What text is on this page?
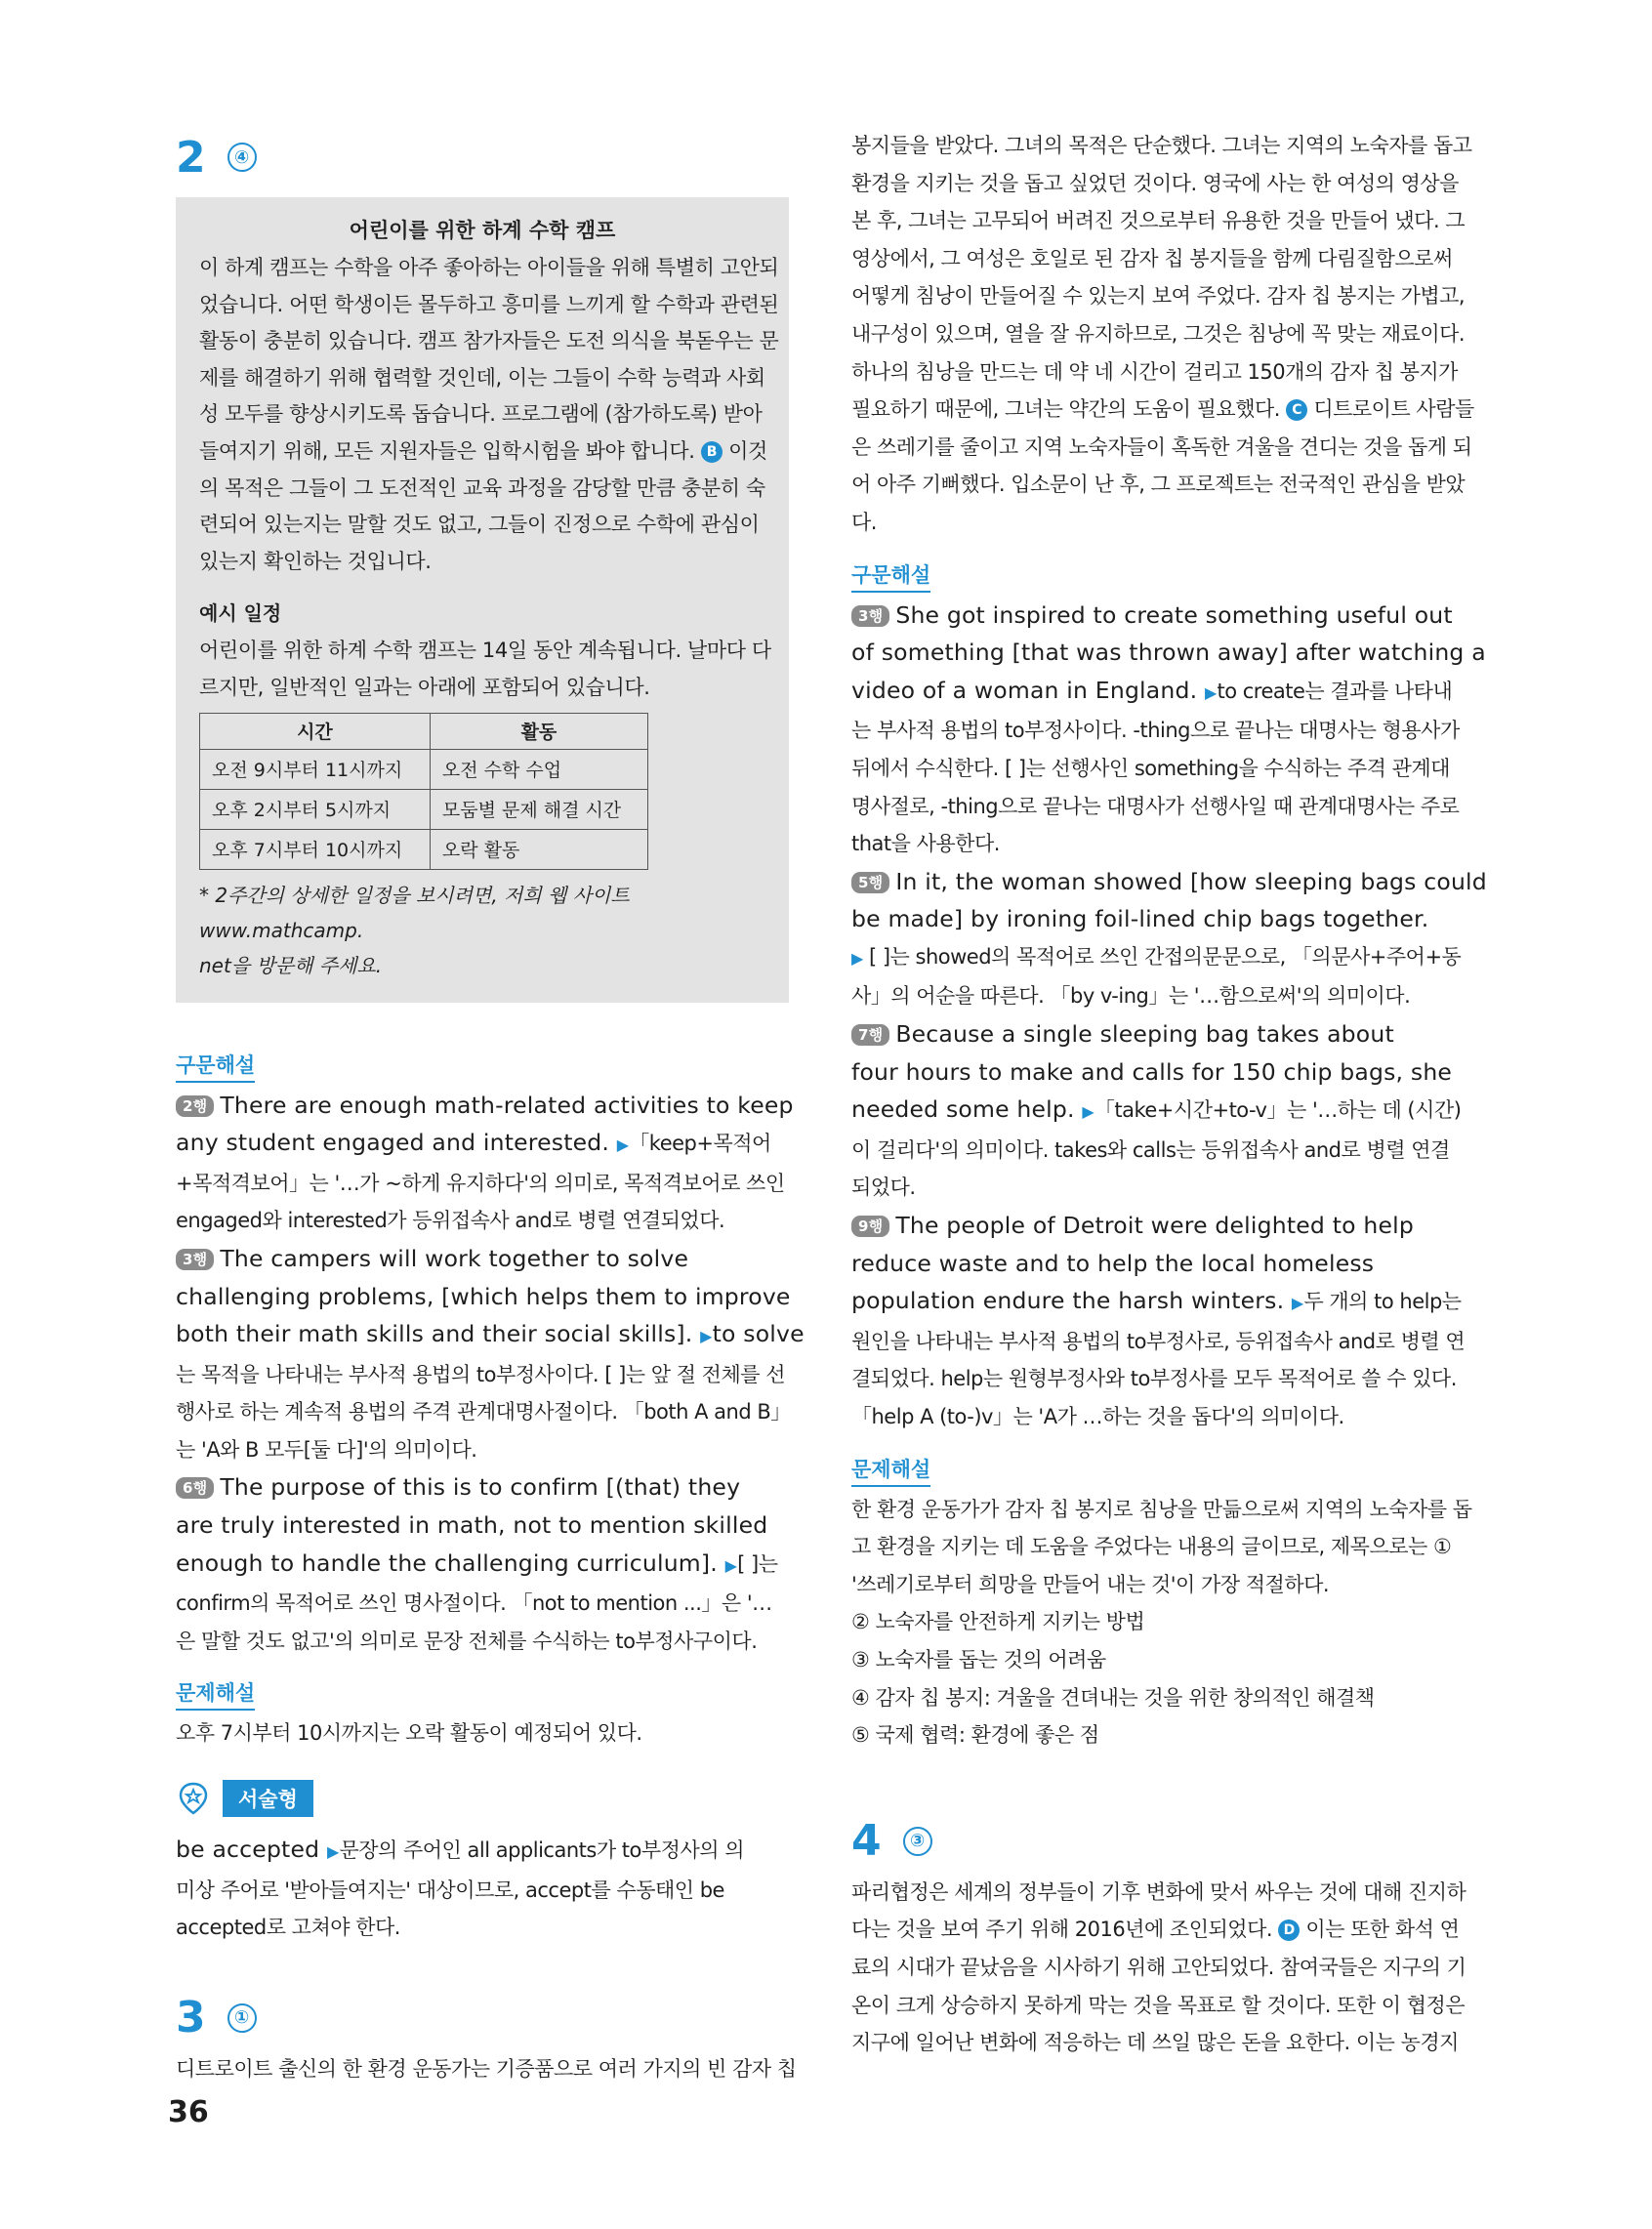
2	④
어린이를 위한 하계 수학 캠프
이 하계 캠프는 수학을 아주 좋아하는 아이들을 위해 특별히 고안되
었습니다. 어떤 학생이든 몰두하고 흥미를 느끼게 할 수학과 관련된
활동이 충분히 있습니다. 캠프 참가자들은 도전 의식을 북돋우는 문
제를 해결하기 위해 협력할 것인데, 이는 그들이 수학 능력과 사회
성 모두를 향상시키도록 돕습니다. 프로그램에 (참가하도록) 받아
들여지기 위해, 모든 지원자들은 입학시험을 봐야 합니다. B 이것
의 목적은 그들이 그 도전적인 교육 과정을 감당할 만큼 충분히 숙
련되어 있는지는 말할 것도 없고, 그들이 진정으로 수학에 관심이
있는지 확인하는 것입니다.
예시 일정
어린이를 위한 하계 수학 캠프는 14일 동안 계속됩니다. 날마다 다
르지만, 일반적인 일과는 아래에 포함되어 있습니다.
시간	활동
오전 9시부터 11시까지	오전 수학 수업
오후 2시부터 5시까지	모둠별 문제 해결 시간
오후 7시부터 10시까지	오락 활동
* 2주간의 상세한 일정을 보시려면, 저희 웹 사이트 www.mathcamp.
net을 방문해 주세요.
구문해설
2행 There are enough math-related activities to keep
any student engaged and interested. ▶「keep+목적어
+목적격보어」는 '…가 ~하게 유지하다'의 의미로, 목적격보어로 쓰인
engaged와 interested가 등위접속사 and로 병렬 연결되었다.
3행 The campers will work together to solve
challenging problems, [which helps them to improve
both their math skills and their social skills]. ▶to solve
는 목적을 나타내는 부사적 용법의 to부정사이다. [ ]는 앞 절 전체를 선
행사로 하는 계속적 용법의 주격 관계대명사절이다. 「both A and B」
는 'A와 B 모두[둘 다]'의 의미이다.
6행 The purpose of this is to confirm [(that) they
are truly interested in math, not to mention skilled
enough to handle the challenging curriculum]. ▶[ ]는
confirm의 목적어로 쓰인 명사절이다. 「not to mention ...」은 '…
은 말할 것도 없고'의 의미로 문장 전체를 수식하는 to부정사구이다.
문제해설
오후 7시부터 10시까지는 오락 활동이 예정되어 있다.
서술형
be accepted ▶문장의 주어인 all applicants가 to부정사의 의
미상 주어로 '받아들여지는' 대상이므로, accept를 수동태인 be
accepted로 고쳐야 한다.
3	①
디트로이트 출신의 한 환경 운동가는 기증품으로 여러 가지의 빈 감자 칩
봉지들을 받았다. 그녀의 목적은 단순했다. 그녀는 지역의 노숙자를 돕고
환경을 지키는 것을 돕고 싶었던 것이다. 영국에 사는 한 여성의 영상을
본 후, 그녀는 고무되어 버려진 것으로부터 유용한 것을 만들어 냈다. 그
영상에서, 그 여성은 호일로 된 감자 칩 봉지들을 함께 다림질함으로써
어떻게 침낭이 만들어질 수 있는지 보여 주었다. 감자 칩 봉지는 가볍고,
내구성이 있으며, 열을 잘 유지하므로, 그것은 침낭에 꼭 맞는 재료이다.
하나의 침낭을 만드는 데 약 네 시간이 걸리고 150개의 감자 칩 봉지가
필요하기 때문에, 그녀는 약간의 도움이 필요했다. C 디트로이트 사람들
은 쓰레기를 줄이고 지역 노숙자들이 혹독한 겨울을 견디는 것을 돕게 되
어 아주 기뻐했다. 입소문이 난 후, 그 프로젝트는 전국적인 관심을 받았
다.
구문해설
3행 She got inspired to create something useful out
of something [that was thrown away] after watching a
video of a woman in England. ▶to create는 결과를 나타내
는 부사적 용법의 to부정사이다. -thing으로 끝나는 대명사는 형용사가
뒤에서 수식한다. [ ]는 선행사인 something을 수식하는 주격 관계대
명사절로, -thing으로 끝나는 대명사가 선행사일 때 관계대명사는 주로
that을 사용한다.
5행 In it, the woman showed [how sleeping bags could
be made] by ironing foil-lined chip bags together.
▶ [ ]는 showed의 목적어로 쓰인 간접의문문으로, 「의문사+주어+동
사」의 어순을 따른다. 「by v-ing」는 '…함으로써'의 의미이다.
7행 Because a single sleeping bag takes about
four hours to make and calls for 150 chip bags, she
needed some help. ▶「take+시간+to-v」는 '…하는 데 (시간)
이 걸리다'의 의미이다. takes와 calls는 등위접속사 and로 병렬 연결
되었다.
9행 The people of Detroit were delighted to help
reduce waste and to help the local homeless
population endure the harsh winters. ▶두 개의 to help는
원인을 나타내는 부사적 용법의 to부정사로, 등위접속사 and로 병렬 연
결되었다. help는 원형부정사와 to부정사를 모두 목적어로 쓸 수 있다.
「help A (to-)v」는 'A가 …하는 것을 돕다'의 의미이다.
문제해설
한 환경 운동가가 감자 칩 봉지로 침낭을 만듦으로써 지역의 노숙자를 돕
고 환경을 지키는 데 도움을 주었다는 내용의 글이므로, 제목으로는 ①
'쓰레기로부터 희망을 만들어 내는 것'이 가장 적절하다.
② 노숙자를 안전하게 지키는 방법
③ 노숙자를 돕는 것의 어려움
④ 감자 칩 봉지: 겨울을 견뎌내는 것을 위한 창의적인 해결책
⑤ 국제 협력: 환경에 좋은 점
4	③
파리협정은 세계의 정부들이 기후 변화에 맞서 싸우는 것에 대해 진지하
다는 것을 보여 주기 위해 2016년에 조인되었다. D 이는 또한 화석 연
료의 시대가 끝났음을 시사하기 위해 고안되었다. 참여국들은 지구의 기
온이 크게 상승하지 못하게 막는 것을 목표로 할 것이다. 또한 이 협정은
지구에 일어난 변화에 적응하는 데 쓰일 많은 돈을 요한다. 이는 농경지
36
